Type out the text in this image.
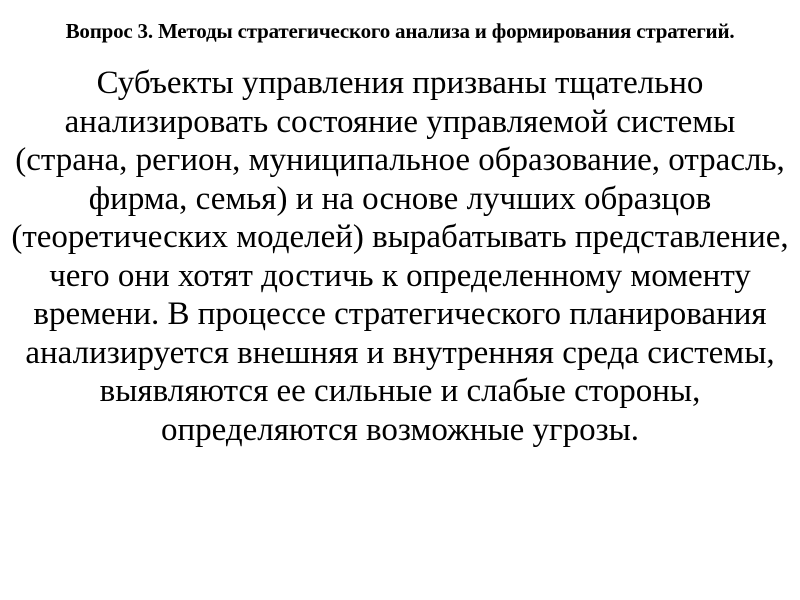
Вопрос 3. Методы стратегического анализа и формирования стратегий.

Субъекты управления призваны тщательно анализировать состояние управляемой системы (страна, регион, муниципальное образование, отрасль, фирма, семья) и на основе лучших образцов (теоретических моделей) вырабатывать представление, чего они хотят достичь к определенному моменту времени. В процессе стратегического планирования анализируется внешняя и внутренняя среда системы, выявляются ее сильные и слабые стороны, определяются возможные угрозы.
